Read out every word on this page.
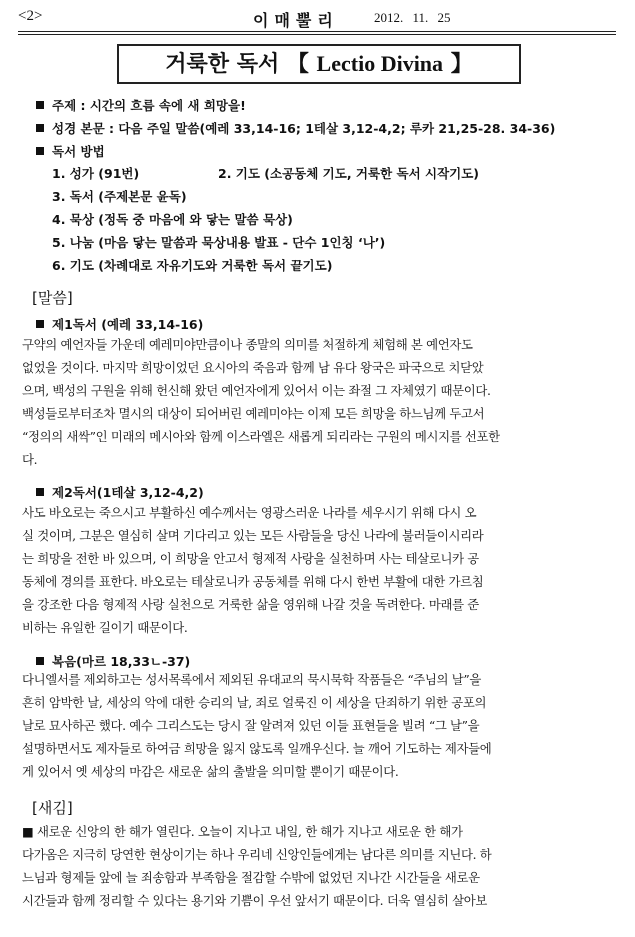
<2>	이매뿔리	2012. 11. 25
거룩한 독서 【 Lectio Divina 】
주제 : 시간의 흐름 속에 새 희망을!
성경 본문 : 다음 주일 말씀(예레 33,14-16; 1테살 3,12-4,2; 루카 21,25-28. 34-36)
독서 방법
1. 성가 (91번)	2. 기도 (소공동체 기도, 거룩한 독서 시작기도)
3. 독서 (주제본문 윤독)
4. 묵상 (정독 중 마음에 와 닿는 말씀 묵상)
5. 나눔 (마음 닿는 말씀과 묵상내용 발표 - 단수 1인칭 ‘나’)
6. 기도 (차례대로 자유기도와 거룩한 독서 끝기도)
[말씀]
제1독서 (예레 33,14-16)
구약의 예언자들 가운데 예레미야만큼이나 종말의 의미를 처절하게 체험해 본 예언자도
없었을 것이다. 마지막 희망이었던 요시아의 죽음과 함께 남 유다 왕국은 파국으로 치닫았
으며, 백성의 구원을 위해 헌신해 왔던 예언자에게 있어서 이는 좌절 그 자체였기 때문이다.
백성들로부터조차 멸시의 대상이 되어버린 예레미야는 이제 모든 희망을 하느님께 두고서
“정의의 새싹”인 미래의 메시아와 함께 이스라엘은 새롭게 되리라는 구원의 메시지를 선포한
다.
제2독서(1테살 3,12-4,2)
사도 바오로는 죽으시고 부활하신 예수께서는 영광스러운 나라를 세우시기 위해 다시 오
실 것이며, 그분은 열심히 살며 기다리고 있는 모든 사람들을 당신 나라에 불러들이시리라
는 희망을 전한 바 있으며, 이 희망을 안고서 형제적 사랑을 실천하며 사는 테살로니카 공
동체에 경의를 표한다. 바오로는 테살로니카 공동체를 위해 다시 한번 부활에 대한 가르침
을 강조한 다음 형제적 사랑 실천으로 거룩한 삶을 영위해 나갈 것을 독려한다. 마래를 준
비하는 유일한 길이기 때문이다.
복음(마르 18,33ㄴ-37)
다니엘서를 제외하고는 성서목록에서 제외된 유대교의 묵시묵학 작품들은 “주님의 날”을
흔히 암박한 날, 세상의 악에 대한 승리의 날, 죄로 얼룩진 이 세상을 단죄하기 위한 공포의
날로 묘사하곤 했다. 예수 그리스도는 당시 잘 알려져 있던 이들 표현들을 빌려 “그 날”을
설명하면서도 제자들로 하여금 희망을 잃지 않도록 일깨우신다. 늘 깨어 기도하는 제자들에
게 있어서 옛 세상의 마감은 새로운 삶의 출발을 의미할 뿐이기 때문이다.
[새김]
■ 새로운 신앙의 한 해가 열린다. 오늘이 지나고 내일, 한 해가 지나고 새로운 한 해가
다가옴은 지극히 당연한 현상이기는 하나 우리네 신앙인들에게는 남다른 의미를 지닌다. 하
느님과 형제들 앞에 늘 죄송함과 부족함을 절감할 수밖에 없었던 지나간 시간들을 새로운
시간들과 함께 정리할 수 있다는 용기와 기쁨이 우선 앞서기 때문이다. 더욱 열심히 살아보
